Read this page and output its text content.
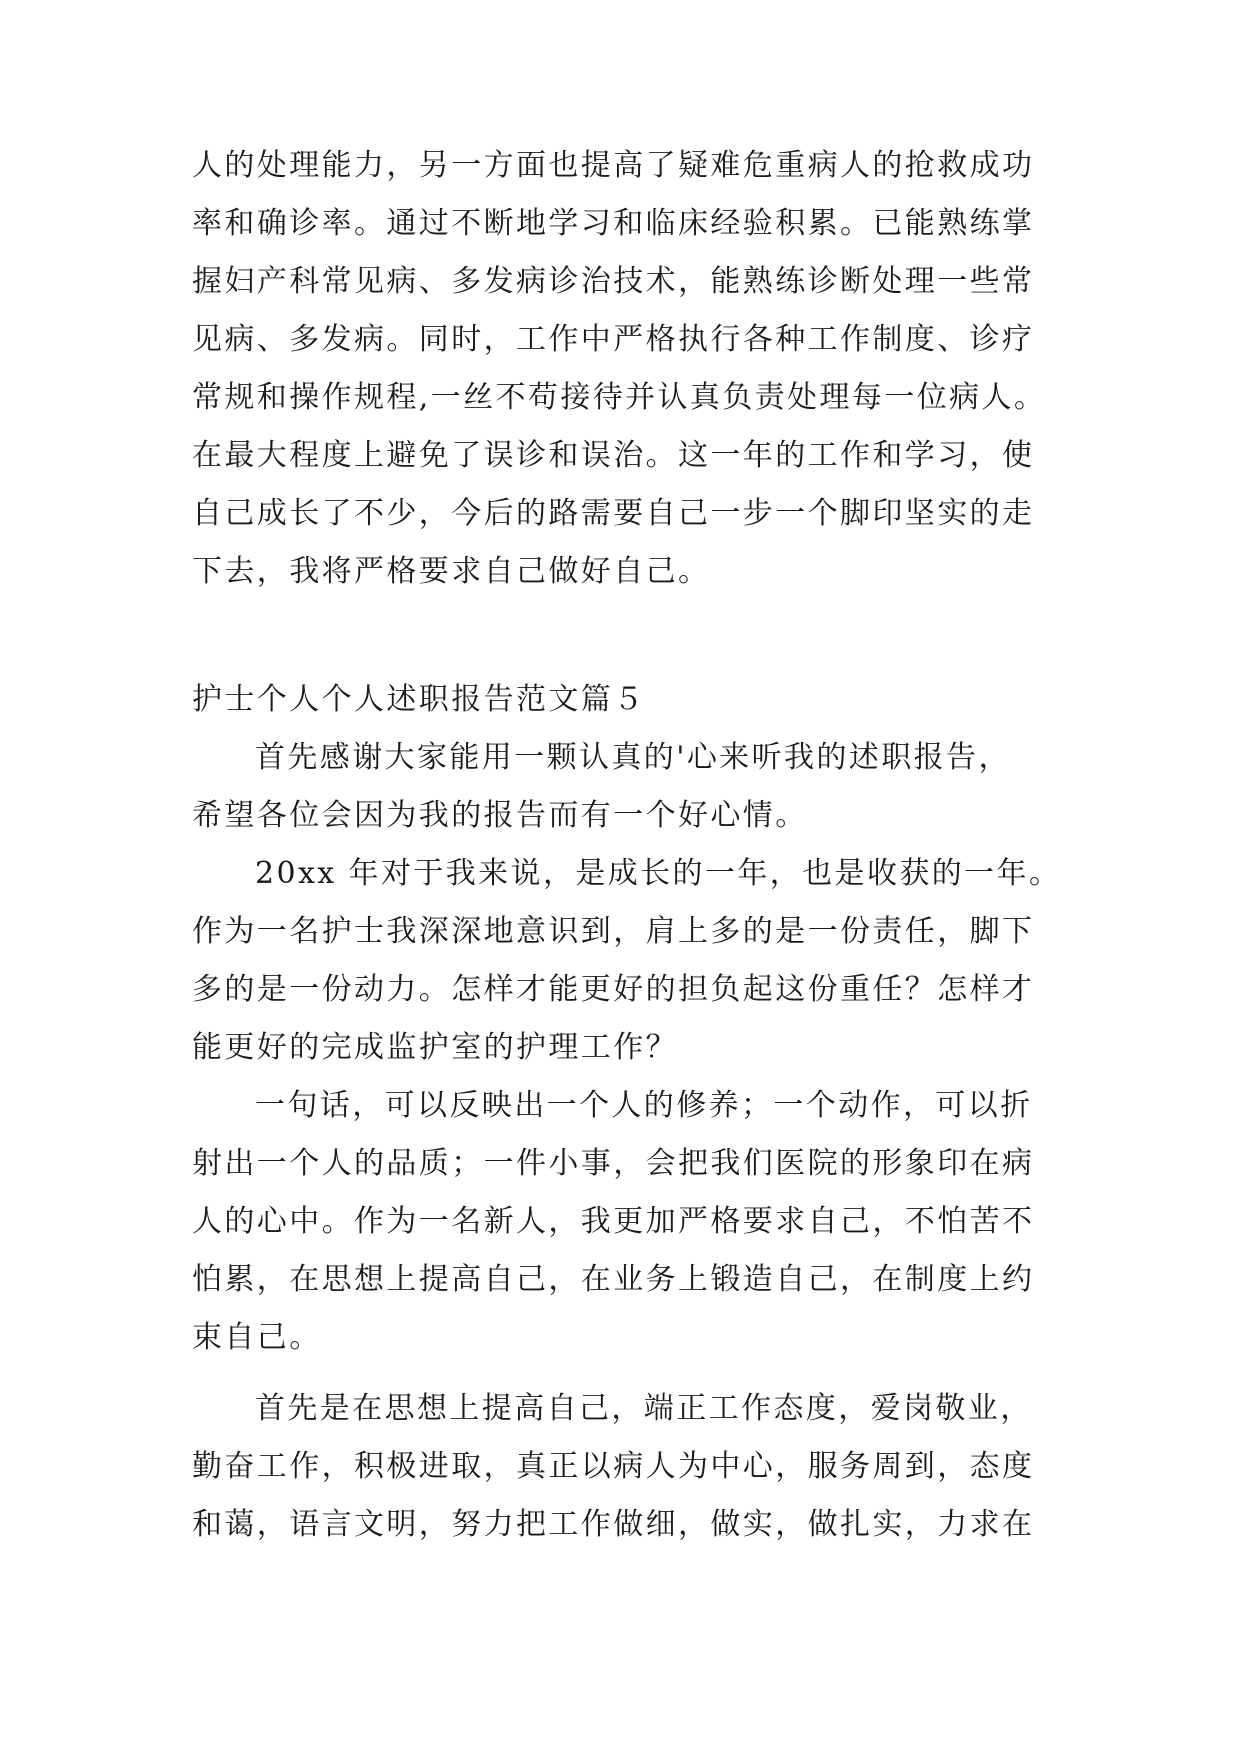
人的处理能力，另一方面也提高了疑难危重病人的抢救成功
率和确诊率。通过不断地学习和临床经验积累。已能熟练掌
握妇产科常见病、多发病诊治技术，能熟练诊断处理一些常
见病、多发病。同时，工作中严格执行各种工作制度、诊疗
常规和操作规程,一丝不苟接待并认真负责处理每一位病人。
在最大程度上避免了误诊和误治。这一年的工作和学习，使
自己成长了不少，今后的路需要自己一步一个脚印坚实的走
下去，我将严格要求自己做好自己。
护士个人个人述职报告范文篇５
首先感谢大家能用一颗认真的'心来听我的述职报告，
希望各位会因为我的报告而有一个好心情。
20xx 年对于我来说，是成长的一年，也是收获的一年。
作为一名护士我深深地意识到，肩上多的是一份责任，脚下
多的是一份动力。怎样才能更好的担负起这份重任？怎样才
能更好的完成监护室的护理工作？
一句话，可以反映出一个人的修养；一个动作，可以折
射出一个人的品质；一件小事，会把我们医院的形象印在病
人的心中。作为一名新人，我更加严格要求自己，不怕苦不
怕累，在思想上提高自己，在业务上锻造自己，在制度上约
束自己。
首先是在思想上提高自己，端正工作态度，爱岗敬业，
勤奋工作，积极进取，真正以病人为中心，服务周到，态度
和蔼，语言文明，努力把工作做细，做实，做扎实，力求在
